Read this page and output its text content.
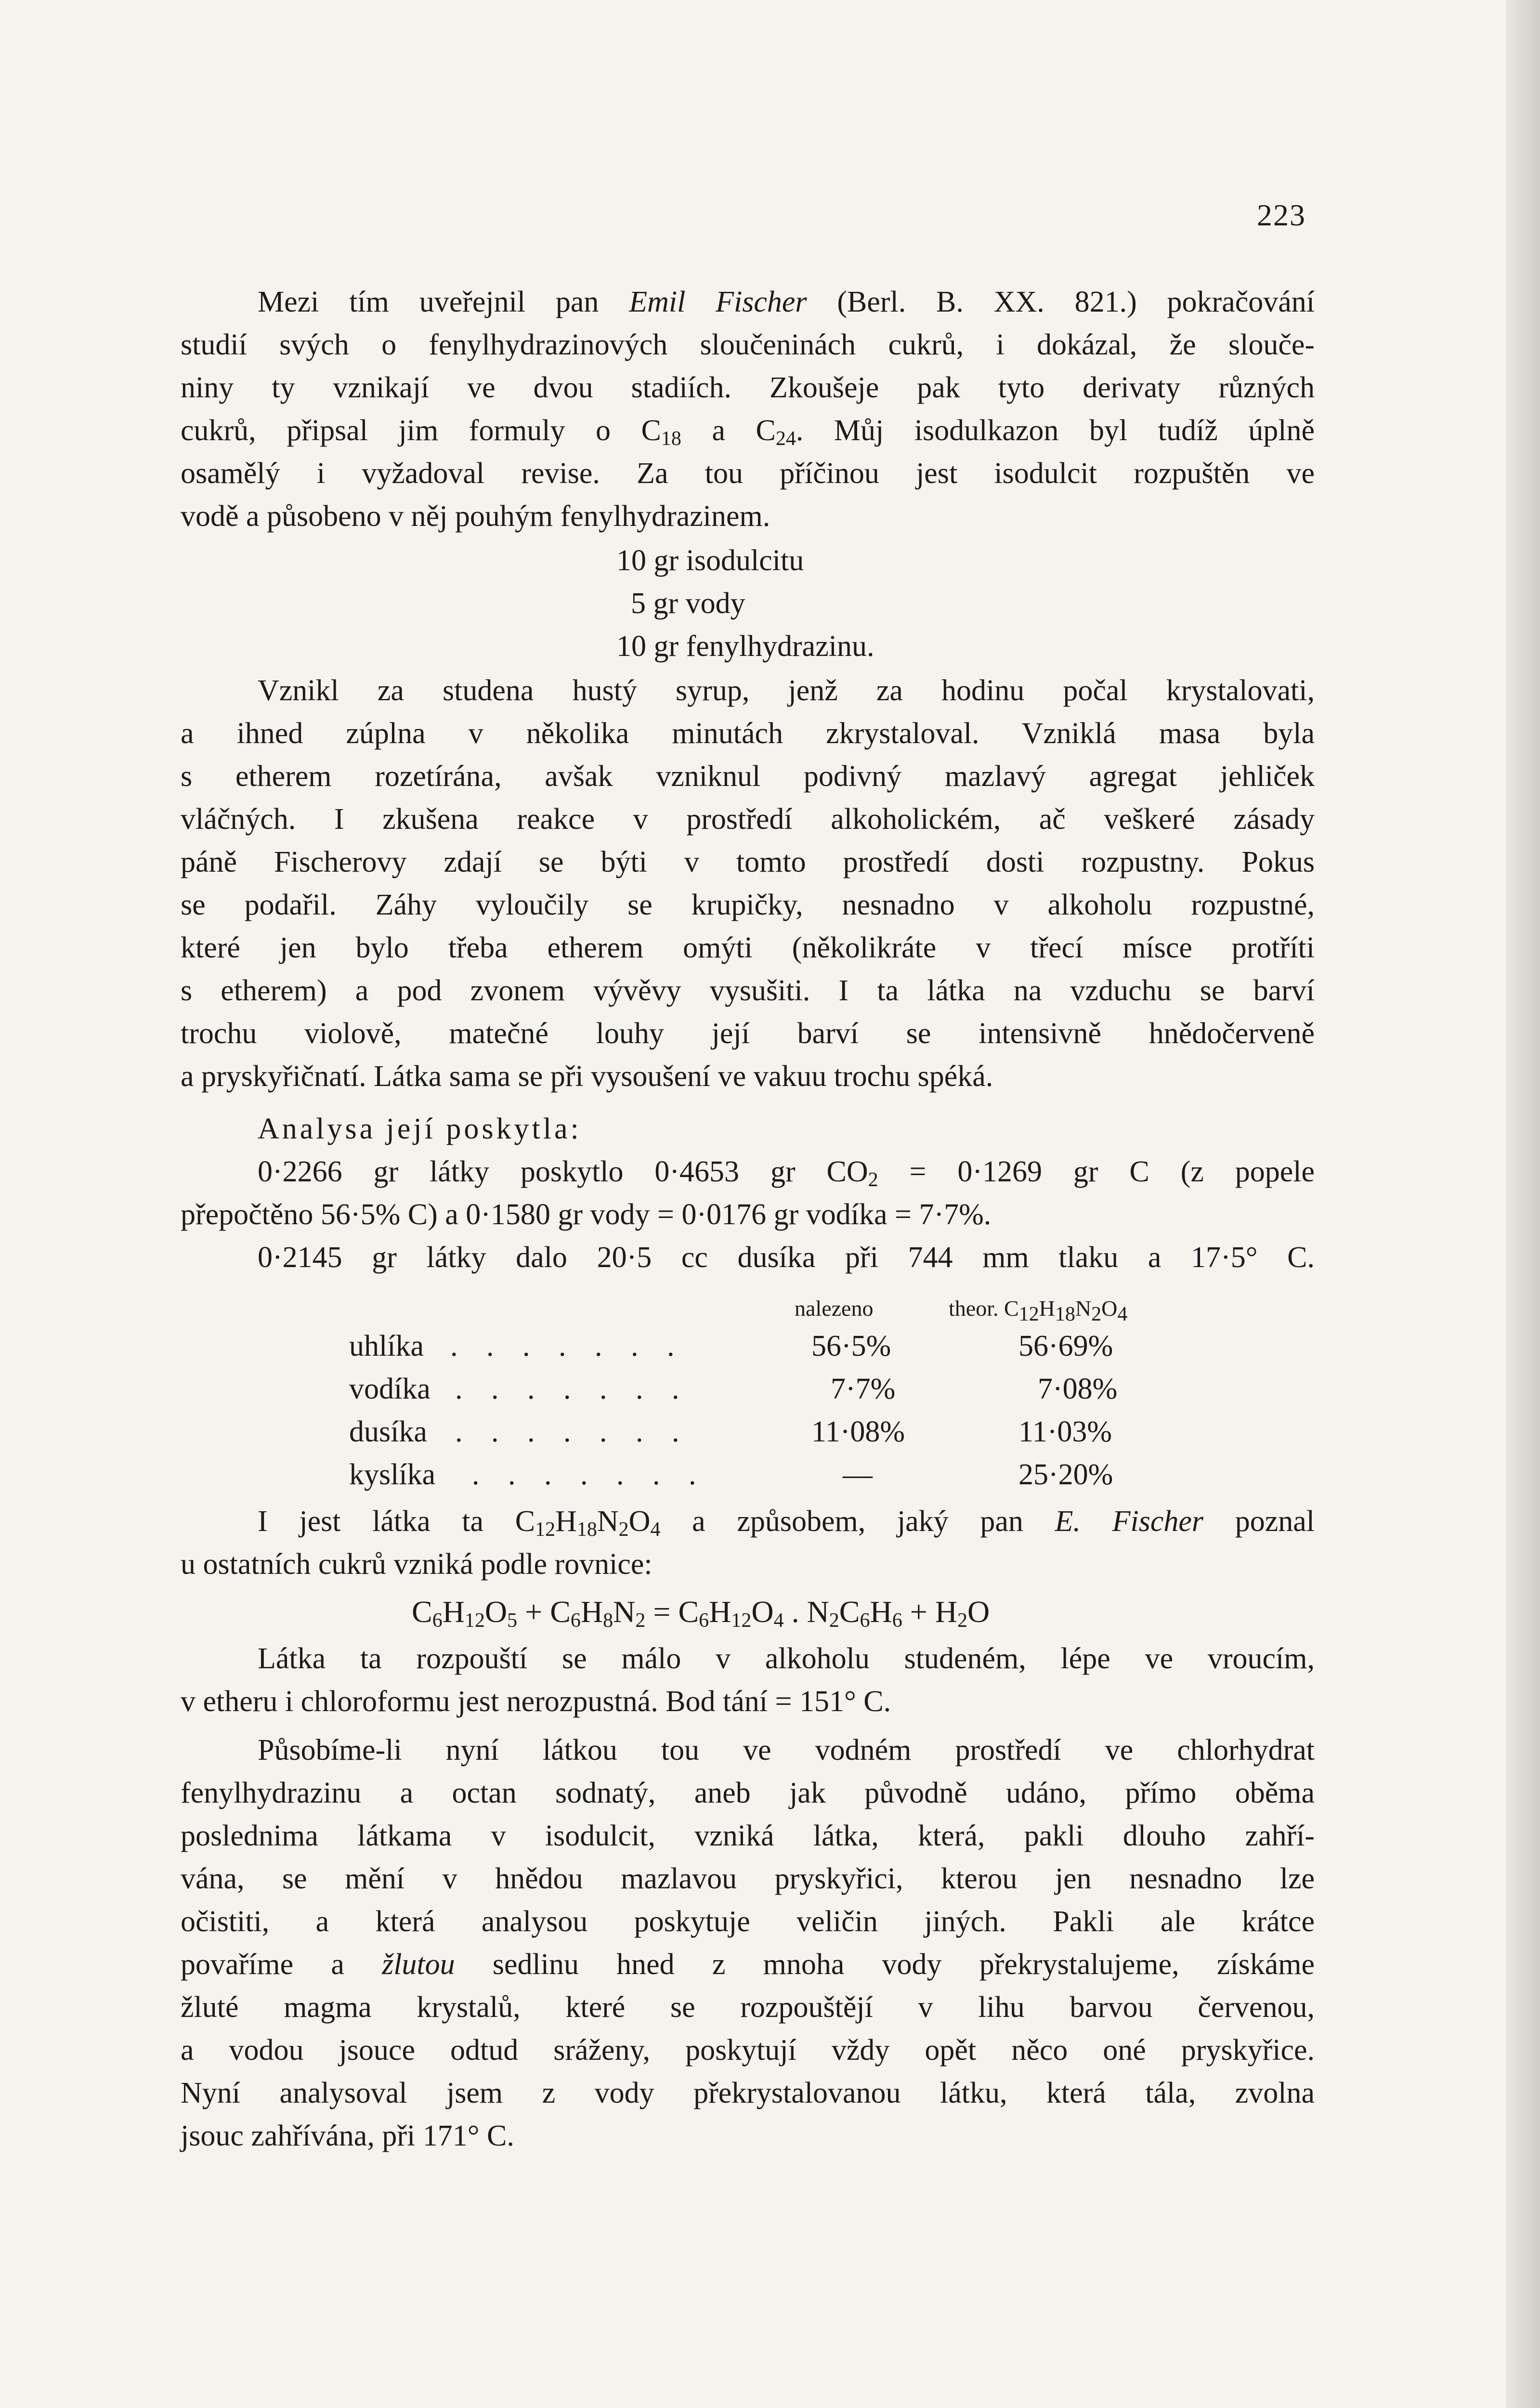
223
Mezi tím uveřejnil pan Emil Fischer (Berl. B. XX. 821.) pokračování
studií svých o fenylhydrazinových sloučeninách cukrů, i dokázal, že slouče-
niny ty vznikají ve dvou stadiích. Zkoušeje pak tyto derivaty různých
cukrů, připsal jim formuly o $C_{18}$ a $C_{24}$. Můj isodulkazon byl tudíž úplně
osamělý i vyžadoval revise. Za tou příčinou jest isodulcit rozpuštěn ve
vodě a působeno v něj pouhým fenylhydrazinem.
10 gr isodulcitu
5 gr vody
10 gr fenylhydrazinu.
Vznikl za studena hustý syrup, jenž za hodinu počal krystalovati,
a ihned zúplna v několika minutách zkrystaloval. Vzniklá masa byla
s etherem rozetírána, avšak vzniknul podivný mazlavý agregat jehliček
vláčných. I zkušena reakce v prostředí alkoholickém, ač veškeré zásady
páně Fischerovy zdají se býti v tomto prostředí dosti rozpustny. Pokus
se podařil. Záhy vyloučily se krupičky, nesnadno v alkoholu rozpustné,
které jen bylo třeba etherem omýti (několikráte v třecí mísce protříti
s etherem) a pod zvonem vývěvy vysušiti. I ta látka na vzduchu se barví
trochu violově, matečné louhy její barví se intensivně hnědočerveně
a pryskyřičnatí. Látka sama se při vysoušení ve vakuu trochu spéká.
Analysa její poskytla:
0·2266 gr látky poskytlo 0·4653 gr $CO_2 = 0\cdot 1269$ gr C (z popele
přepočtěno 56·5% C) a 0·1580 gr vody = 0·0176 gr vodíka = 7·7%.
0·2145 gr látky dalo 20·5 cc dusíka při 744 mm tlaku a 17·5° C.
nalezeno	theor. $C_{12}H_{18}N_2O_4$
uhlíka . . . . . . .	56·5%	56·69%
vodíka . . . . . . .	7·7%	7·08%
dusíka . . . . . . .	11·08%	11·03%
kyslíka . . . . . . .	—	25·20%
I jest látka ta $C_{12}H_{18}N_2O_4$ a způsobem, jaký pan E. Fischer poznal
u ostatních cukrů vzniká podle rovnice:
$C_6H_{12}O_5 + C_6H_8N_2 = C_6H_{12}O_4$ . $N_2C_6H_6 + H_2O$
Látka ta rozpouští se málo v alkoholu studeném, lépe ve vroucím,
v etheru i chloroformu jest nerozpustná. Bod tání = 151° C.
Působíme-li nyní látkou tou ve vodném prostředí ve chlorhydrat
fenylhydrazinu a octan sodnatý, aneb jak původně udáno, přímo oběma
poslednima látkama v isodulcit, vzniká látka, která, pakli dlouho zahří-
vána, se mění v hnědou mazlavou pryskyřici, kterou jen nesnadno lze
očistiti, a která analysou poskytuje veličin jiných. Pakli ale krátce
povaříme a žlutou sedlinu hned z mnoha vody překrystalujeme, získáme
žluté magma krystalů, které se rozpouštějí v lihu barvou červenou,
a vodou jsouce odtud sráženy, poskytují vždy opět něco oné pryskyřice.
Nyní analysoval jsem z vody překrystalovanou látku, která tála, zvolna
jsouc zahřívána, při 171° C.
